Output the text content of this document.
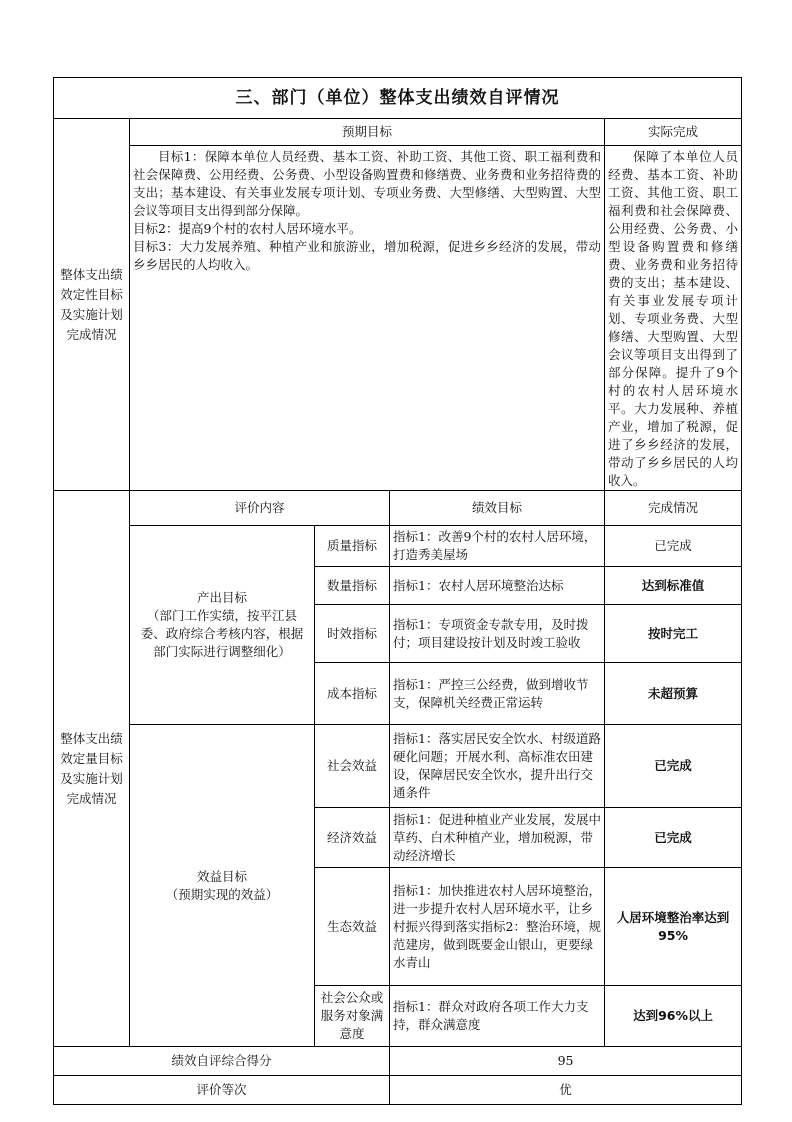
三、部门（单位）整体支出绩效自评情况				
整体支出绩效定性目标及实施计划完成情况	预期目标			实际完成

	目标1：保障本单位人员经费、基本工资、补助工资、其他工资、职工福利费和社会保障费、公用经费、公务费、小型设备购置费和修缮费、业务费和业务招待费的支出；基本建设、有关事业发展专项计划、专项业务费、大型修缮、大型购置、大型会议等项目支出得到部分保障。
目标2：提高9个村的农村人居环境水平。
目标3：大力发展养殖、种植产业和旅游业，增加税源，促进乡乡经济的发展，带动乡乡居民的人均收入。			保障了本单位人员经费、基本工资、补助工资、其他工资、职工福利费和社会保障费、公用经费、公务费、小型设备购置费和修缮费、业务费和业务招待费的支出；基本建设、有关事业发展专项计划、专项业务费、大型修缮、大型购置、大型会议等项目支出得到了部分保障。提升了9个村的农村人居环境水平。大力发展种、养植产业，增加了税源，促进了乡乡经济的发展，带动了乡乡居民的人均收入。

整体支出绩效定量目标及实施计划完成情况	评价内容		绩效目标	完成情况

	产出目标
（部门工作实绩，按平江县委、政府综合考核内容，根据部门实际进行调整细化）	质量指标	指标1：改善9个村的农村人居环境，打造秀美屋场	已完成
		数量指标	指标1：农村人居环境整治达标	达到标准值
		时效指标	指标1：专项资金专款专用，及时拨付；项目建设按计划及时竣工验收	按时完工
		成本指标	指标1：严控三公经费，做到增收节支，保障机关经费正常运转	未超预算

	效益目标
（预期实现的效益）	社会效益	指标1：落实居民安全饮水、村级道路硬化问题；开展水利、高标准农田建设，保障居民安全饮水，提升出行交通条件	已完成
		经济效益	指标1：促进种植业产业发展，发展中草药、白术种植产业，增加税源，带动经济增长	已完成
		生态效益	指标1：加快推进农村人居环境整治，进一步提升农村人居环境水平，让乡村振兴得到落实指标2：整治环境，规范建房，做到既要金山银山，更要绿水青山	人居环境整治率达到95%
		社会公众或服务对象满意度	指标1：群众对政府各项工作大力支持，群众满意度	达到96%以上
绩效自评综合得分			95	
评价等次			优	
